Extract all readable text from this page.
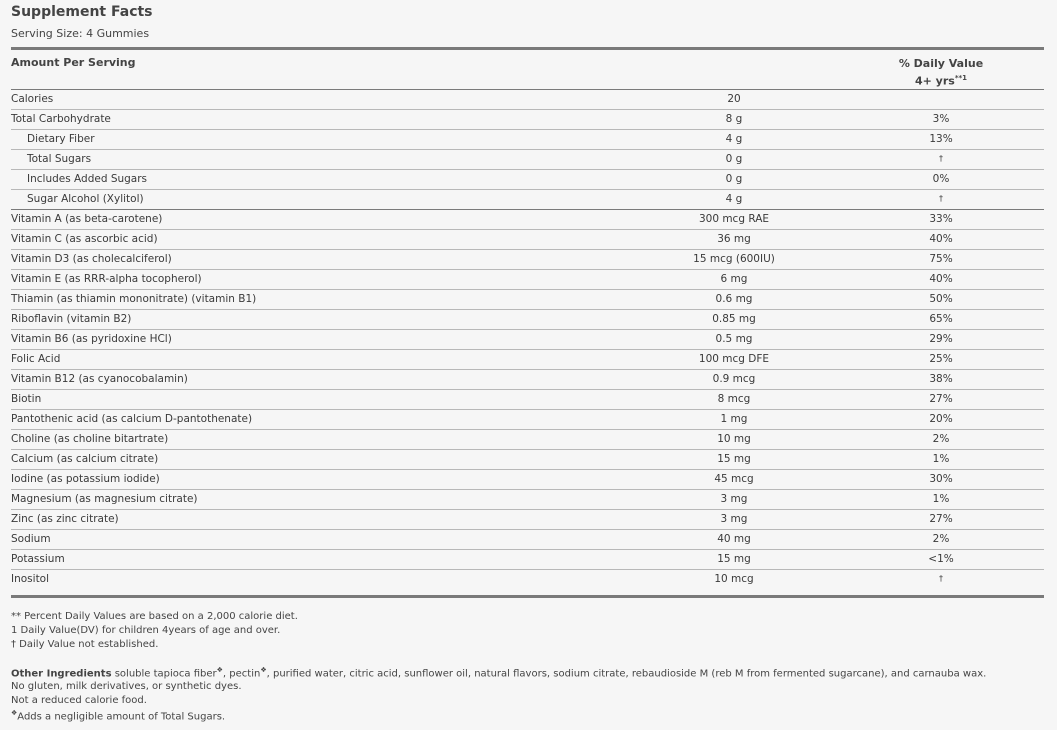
Supplement Facts
Serving Size: 4 Gummies
Amount Per Serving	% Daily Value
4+ yrs$^{**1}$
Calories	20
Total Carbohydrate	8 g	3%
Dietary Fiber	4 g	13%
Total Sugars	0 g	†
Includes Added Sugars	0 g	0%
Sugar Alcohol (Xylitol)	4 g	†
Vitamin A (as beta-carotene)	300 mcg RAE	33%
Vitamin C (as ascorbic acid)	36 mg	40%
Vitamin D3 (as cholecalciferol)	15 mcg (600IU)	75%
Vitamin E (as RRR-alpha tocopherol)	6 mg	40%
Thiamin (as thiamin mononitrate) (vitamin B1)	0.6 mg	50%
Riboflavin (vitamin B2)	0.85 mg	65%
Vitamin B6 (as pyridoxine HCl)	0.5 mg	29%
Folic Acid	100 mcg DFE	25%
Vitamin B12 (as cyanocobalamin)	0.9 mcg	38%
Biotin	8 mcg	27%
Pantothenic acid (as calcium D-pantothenate)	1 mg	20%
Choline (as choline bitartrate)	10 mg	2%
Calcium (as calcium citrate)	15 mg	1%
Iodine (as potassium iodide)	45 mcg	30%
Magnesium (as magnesium citrate)	3 mg	1%
Zinc (as zinc citrate)	3 mg	27%
Sodium	40 mg	2%
Potassium	15 mg	<1%
Inositol	10 mcg	†
** Percent Daily Values are based on a 2,000 calorie diet.
1 Daily Value(DV) for children 4years of age and over.
† Daily Value not established.
Other Ingredients soluble tapioca fiber❖, pectin❖, purified water, citric acid, sunflower oil, natural flavors, sodium citrate, rebaudioside M (reb M from fermented sugarcane), and carnauba wax.
No gluten, milk derivatives, or synthetic dyes.
Not a reduced calorie food.
❖Adds a negligible amount of Total Sugars.
